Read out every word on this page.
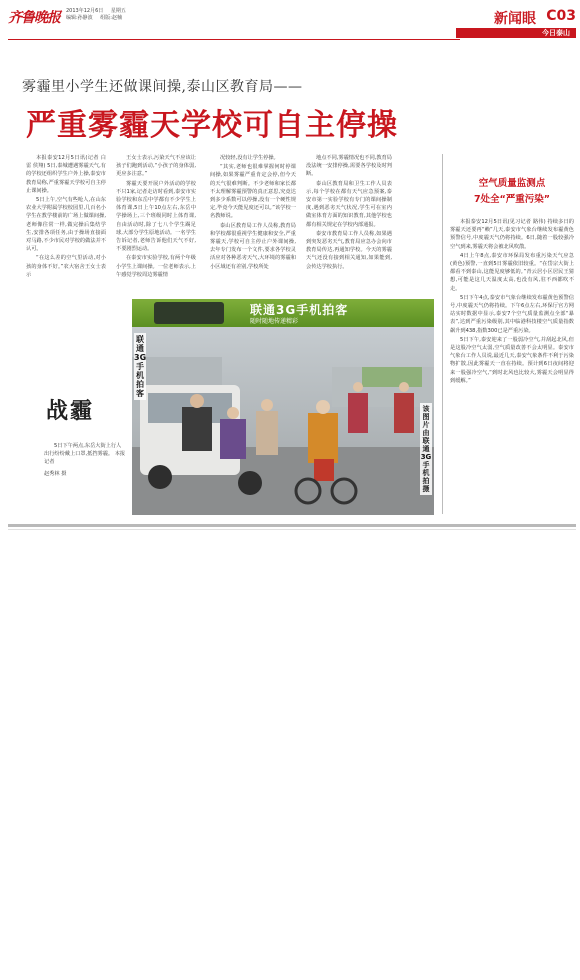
齐鲁晚报 2013年12月6日 星期五
编辑:孙静波 组版:赵楠	新闻眼 C03
今日泰山
雾霾里小学生还做课间操,泰山区教育局——
严重雾霾天学校可自主停操

本报泰安12月5日讯(记者 白雷 侯翔) 5日,泰城遭遇雾霾天气,有的学校还组织学生户外上操,泰安市教育局称,严重雾霾天学校可自主停止课间操。

5日上午,空气有些呛人,在山东农业大学附属学校校园里,几百名小学生在教学楼前的广场上做课间操,老师像往常一样,做完操后集结学生,安排各项任务,由于操场直接面对马路,不少市民对学校的做法并不认可。

“在这么差的空气里活动,对小孩的身体不好。”农大宿舍王女士表示

王女士表示,污染天气不应该让孩子们跑到活动,“小孩子的身体弱,更应多注意。”

雾霾天要开展户外活动的学校不只1家,记者走访时看到,泰安市实验学校和东岳中学都有不少学生上体育课,5日上午10点左右,东岳中学操场上,三个班级同时上体育课,自由活动时,除了七八个学生踢足球,大部分学生原地活动。一名学生告诉记者,老师告诉他们天气不好,不要剧烈运动。

在泰安市实验学校,有两个年级小学生上课间操。一位老师表示,上午感觉学校周边雾霾情

况较轻,没有让学生停操。

“其实,老师也很难掌握何时停课间操,如果雾霾严重肯定会停,但今天的天气很难判断。不少老师和家长都不太理解雾霾预警的真正意思,究竟达到多少系数可以停操,没有一个硬性规定,毕竟今天能见度还可以。”该学校一名教师说。

泰山区教育局工作人员称,教育局和学校都很重视学生健康和安全,严重雾霾天,学校可自主停止户外课间操,去年专门发布一个文件,要求各学校灵活应对各种恶劣天气,大环境的雾霾和小区域还有差别,学校所处

地点不同,雾霾情况也不同,教育局没法统一安排停操,需要各学校及时判断。

泰山区教育局和卫生工作人员表示,每个学校在都有天气应急预案,泰安市第一实验学校有专门的课间操制度,遇到恶劣天气状况,学生可在室内做室体育方面的知识教育,其他学校也都有相关规定在学校内部通报。

泰安市教育局工作人员称,如果遇到突发恶劣天气,教育局应急办会向市教育局传达,再通知学校。今天的雾霾天气还没有接到相关通知,如果能到,会传达学校执行。

空气质量监测点
7处全“严重污染”

本报泰安12月5日讯(见习记者 路伟) 持续多日的雾霾天还要再“赖”几天,泰安市气象台继续发布霾黄色预警信号,中度霾天气仍将持续。6日,随着一股较强冷空气到来,雾霾天将会被北风吹散。

4日上午8点,泰安市环保局发布重污染天气应急(黄色)预警,一直到5日雾霾依旧较重。“在岱宗大街上都看不到泰山,这能见度够低的。”青云居小区居民王猜想,可能是这几天温度太高,也没有风,驻不西都吹不走。

5日下午4点,泰安市气象台继续发布霾黄色预警信号,中度霾天气仍将持续。下午6点左右,环保厅官方网站实时数据中显示,泰安7个空气质量监测点全部“暴表”,达到严重污染级别,其中临港科技楼空气质量指数飙升到438,指数300已是严重污染。

5日下午,泰安迎来了一股弱冷空气,并刮起北风,但是这股冷空气太弱,空气质量改善不会太明显。泰安市气象台工作人员说,最近几天,泰安气象条件不利于污染物扩散,因此雾霾天一直在持续。预计到6日夜间将迎来一股强冷空气,“到时北风也比较大,雾霾天会明显得到缓解。”

联通3G手机拍客
随时随地传递精彩
联通3G手机拍客
该图片由联通3G手机拍摄
战霾

5日下午两点,东岳大街上行人出行纷纷戴上口罩,抵挡雾霾。 本报记者

赵秀林 摄
